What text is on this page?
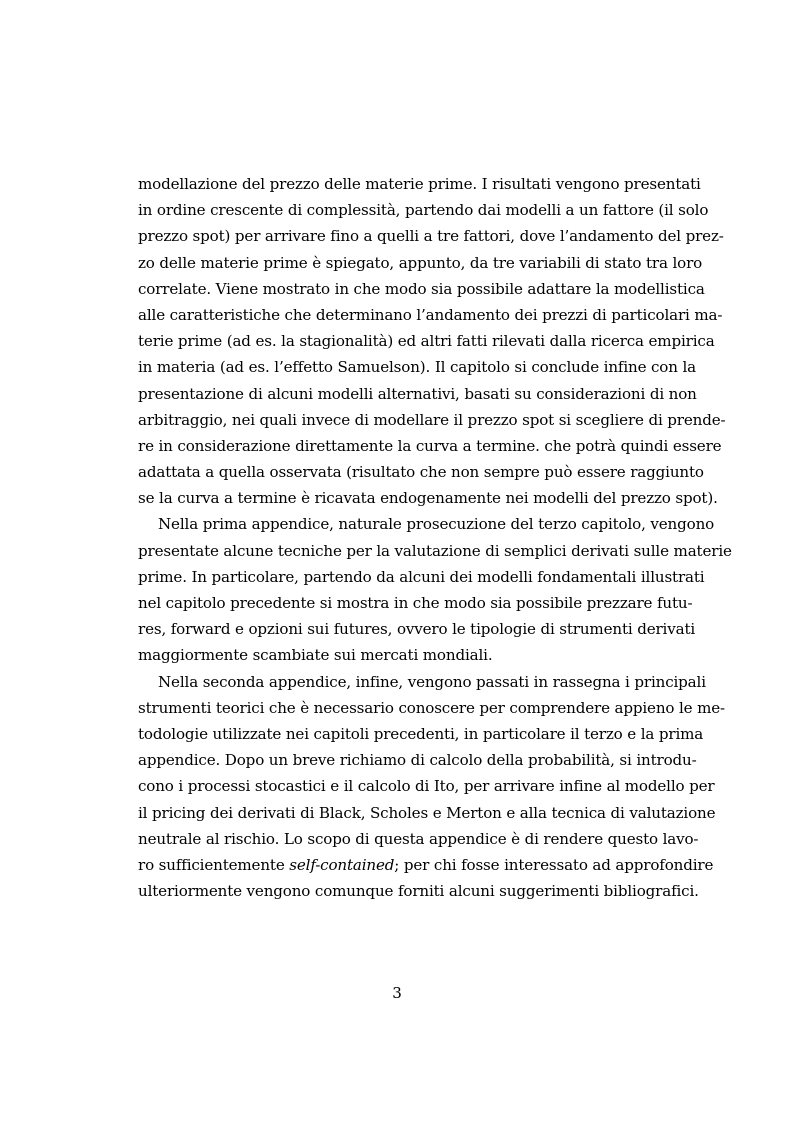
modellazione del prezzo delle materie prime. I risultati vengono presentati
in ordine crescente di complessità, partendo dai modelli a un fattore (il solo
prezzo spot) per arrivare fino a quelli a tre fattori, dove l’andamento del prez-
zo delle materie prime è spiegato, appunto, da tre variabili di stato tra loro
correlate. Viene mostrato in che modo sia possibile adattare la modellistica
alle caratteristiche che determinano l’andamento dei prezzi di particolari ma-
terie prime (ad es. la stagionalità) ed altri fatti rilevati dalla ricerca empirica
in materia (ad es. l’effetto Samuelson). Il capitolo si conclude infine con la
presentazione di alcuni modelli alternativi, basati su considerazioni di non
arbitraggio, nei quali invece di modellare il prezzo spot si scegliere di prende-
re in considerazione direttamente la curva a termine. che potrà quindi essere
adattata a quella osservata (risultato che non sempre può essere raggiunto
se la curva a termine è ricavata endogenamente nei modelli del prezzo spot).
Nella prima appendice, naturale prosecuzione del terzo capitolo, vengono
presentate alcune tecniche per la valutazione di semplici derivati sulle materie
prime. In particolare, partendo da alcuni dei modelli fondamentali illustrati
nel capitolo precedente si mostra in che modo sia possibile prezzare futu-
res, forward e opzioni sui futures, ovvero le tipologie di strumenti derivati
maggiormente scambiate sui mercati mondiali.
Nella seconda appendice, infine, vengono passati in rassegna i principali
strumenti teorici che è necessario conoscere per comprendere appieno le me-
todologie utilizzate nei capitoli precedenti, in particolare il terzo e la prima
appendice. Dopo un breve richiamo di calcolo della probabilità, si introdu-
cono i processi stocastici e il calcolo di Ito, per arrivare infine al modello per
il pricing dei derivati di Black, Scholes e Merton e alla tecnica di valutazione
neutrale al rischio. Lo scopo di questa appendice è di rendere questo lavo-
ro sufficientemente self-contained; per chi fosse interessato ad approfondire
ulteriormente vengono comunque forniti alcuni suggerimenti bibliografici.
3
